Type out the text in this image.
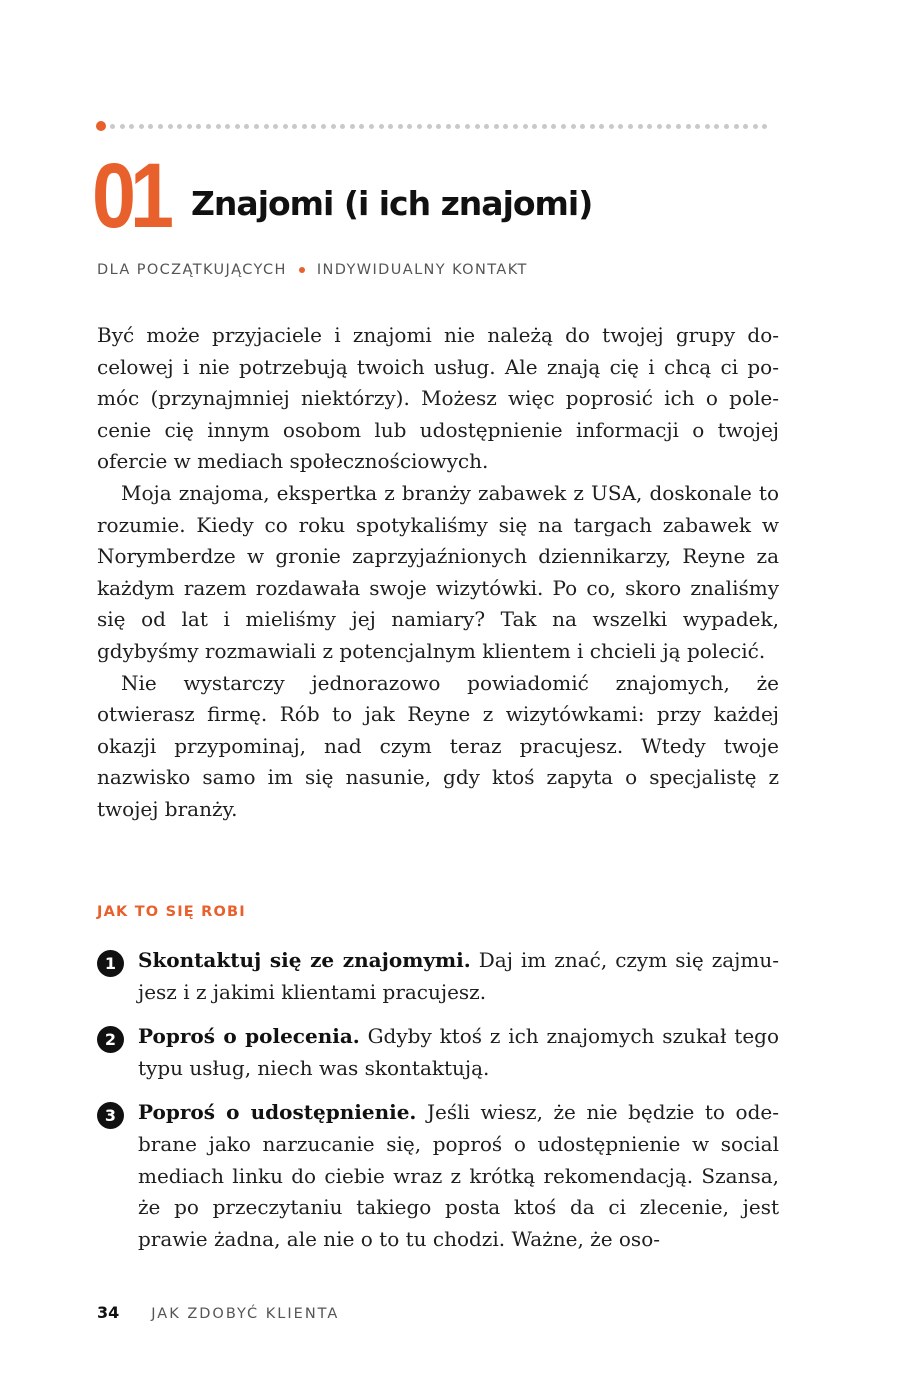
01 Znajomi (i ich znajomi)
DLA POCZĄTKUJĄCYCH INDYWIDUALNY KONTAKT

Być może przyjaciele i znajomi nie należą do twojej grupy docelowej i nie potrzebują twoich usług. Ale znają cię i chcą ci pomóc (przynajmniej niektórzy). Możesz więc poprosić ich o polecenie cię innym osobom lub udostępnienie informacji o twojej ofercie w mediach społecznościowych.

Moja znajoma, ekspertka z branży zabawek z USA, doskonale to rozumie. Kiedy co roku spotykaliśmy się na targach zabawek w Norymberdze w gronie zaprzyjaźnionych dziennikarzy, Reyne za każdym razem rozdawała swoje wizytówki. Po co, skoro znaliśmy się od lat i mieliśmy jej namiary? Tak na wszelki wypadek, gdybyśmy rozmawiali z potencjalnym klientem i chcieli ją polecić.

Nie wystarczy jednorazowo powiadomić znajomych, że otwierasz firmę. Rób to jak Reyne z wizytówkami: przy każdej okazji przypominaj, nad czym teraz pracujesz. Wtedy twoje nazwisko samo im się nasunie, gdy ktoś zapyta o specjalistę z twojej branży.

JAK TO SIĘ ROBI
1	Skontaktuj się ze znajomymi. Daj im znać, czym się zajmujesz i z jakimi klientami pracujesz.
2	Poproś o polecenia. Gdyby ktoś z ich znajomych szukał tego typu usług, niech was skontaktują.
3	Poproś o udostępnienie. Jeśli wiesz, że nie będzie to odebrane jako narzucanie się, poproś o udostępnienie w social mediach linku do ciebie wraz z krótką rekomendacją. Szansa, że po przeczytaniu takiego posta ktoś da ci zlecenie, jest prawie żadna, ale nie o to tu chodzi. Ważne, że oso-
34 JAK ZDOBYĆ KLIENTA
